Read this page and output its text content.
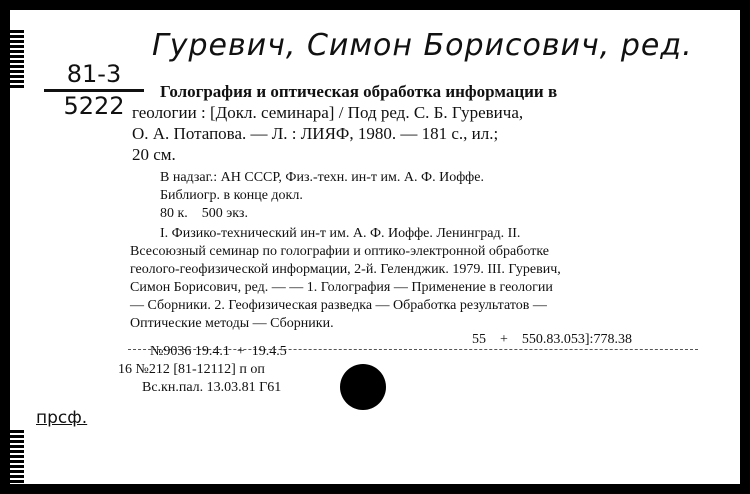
Гуревич, Симон Борисович, ред.
81-3
5222
Голография и оптическая обработка информации в
геологии : [Докл. семинара] / Под ред. С. Б. Гуревича,
О. А. Потапова. — Л. : ЛИЯФ, 1980. — 181 с., ил.;
20 см.
В надзаг.: АН СССР, Физ.-техн. ин-т им. А. Ф. Иоффе.
Библиогр. в конце докл.
80 к.    500 экз.
I. Физико-технический ин-т им. А. Ф. Иоффе. Ленинград. II.
Всесоюзный семинар по голографии и оптико-электронной обработке
геолого-геофизической информации, 2-й. Геленджик. 1979. III. Гуревич,
Симон Борисович, ред. — — 1. Голография — Применение в геологии
— Сборники. 2. Геофизическая разведка — Обработка результатов —
Оптические методы — Сборники.
55    +    550.83.053]:778.38
№9036 19.4.1  +  19.4.5
16 №212 [81-12112] п оп
Вс.кн.пал. 13.03.81 Г61
прсф.
